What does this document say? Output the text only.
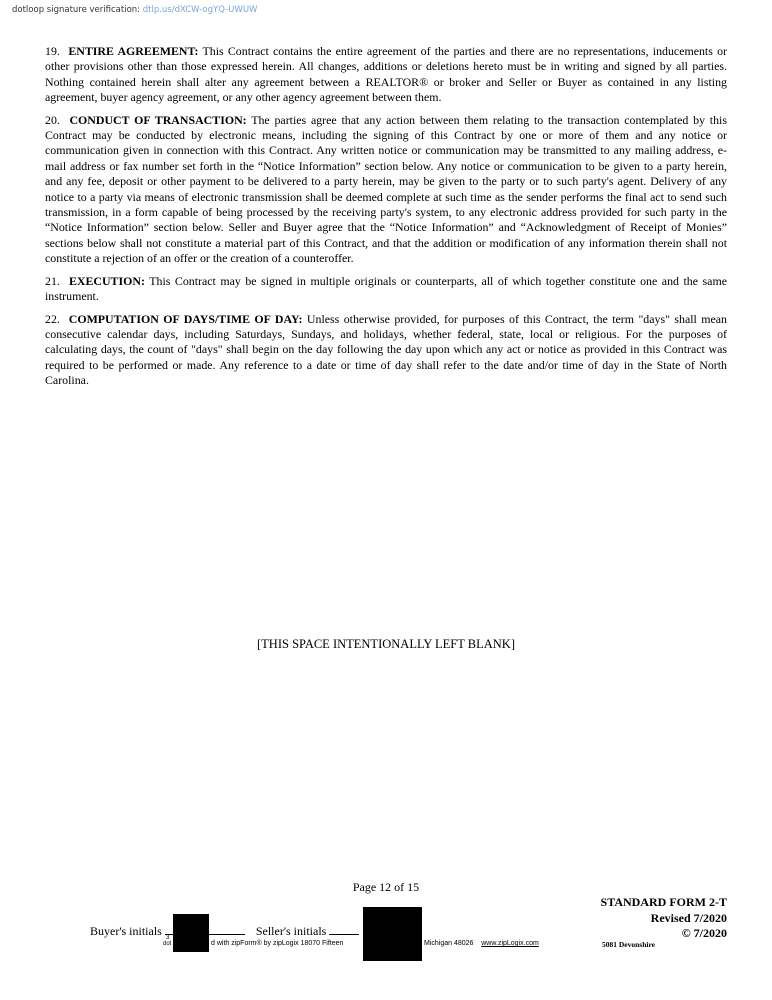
dotloop signature verification: dtlp.us/dXCW-ogYQ-UWUW

19. ENTIRE AGREEMENT: This Contract contains the entire agreement of the parties and there are no representations, inducements or other provisions other than those expressed herein. All changes, additions or deletions hereto must be in writing and signed by all parties. Nothing contained herein shall alter any agreement between a REALTOR® or broker and Seller or Buyer as contained in any listing agreement, buyer agency agreement, or any other agency agreement between them.

20. CONDUCT OF TRANSACTION: The parties agree that any action between them relating to the transaction contemplated by this Contract may be conducted by electronic means, including the signing of this Contract by one or more of them and any notice or communication given in connection with this Contract. Any written notice or communication may be transmitted to any mailing address, e-mail address or fax number set forth in the “Notice Information” section below. Any notice or communication to be given to a party herein, and any fee, deposit or other payment to be delivered to a party herein, may be given to the party or to such party's agent. Delivery of any notice to a party via means of electronic transmission shall be deemed complete at such time as the sender performs the final act to send such transmission, in a form capable of being processed by the receiving party's system, to any electronic address provided for such party in the “Notice Information” section below. Seller and Buyer agree that the “Notice Information” and “Acknowledgment of Receipt of Monies” sections below shall not constitute a material part of this Contract, and that the addition or modification of any information therein shall not constitute a rejection of an offer or the creation of a counteroffer.

21. EXECUTION: This Contract may be signed in multiple originals or counterparts, all of which together constitute one and the same instrument.

22. COMPUTATION OF DAYS/TIME OF DAY: Unless otherwise provided, for purposes of this Contract, the term "days" shall mean consecutive calendar days, including Saturdays, Sundays, and holidays, whether federal, state, local or religious. For the purposes of calculating days, the count of "days" shall begin on the day following the day upon which any act or notice as provided in this Contract was required to be performed or made. Any reference to a date or time of day shall refer to the date and/or time of day in the State of North Carolina.

[THIS SPACE INTENTIONALLY LEFT BLANK]
Page 12 of 15
STANDARD FORM 2-T
Revised 7/2020
© 7/2020
Buyer's initials	Seller's initials
3
dot	d with zipForm® by zipLogix 18070 Fifteen	Michigan 48026 www.zipLogix.com	5081 Devonshire
